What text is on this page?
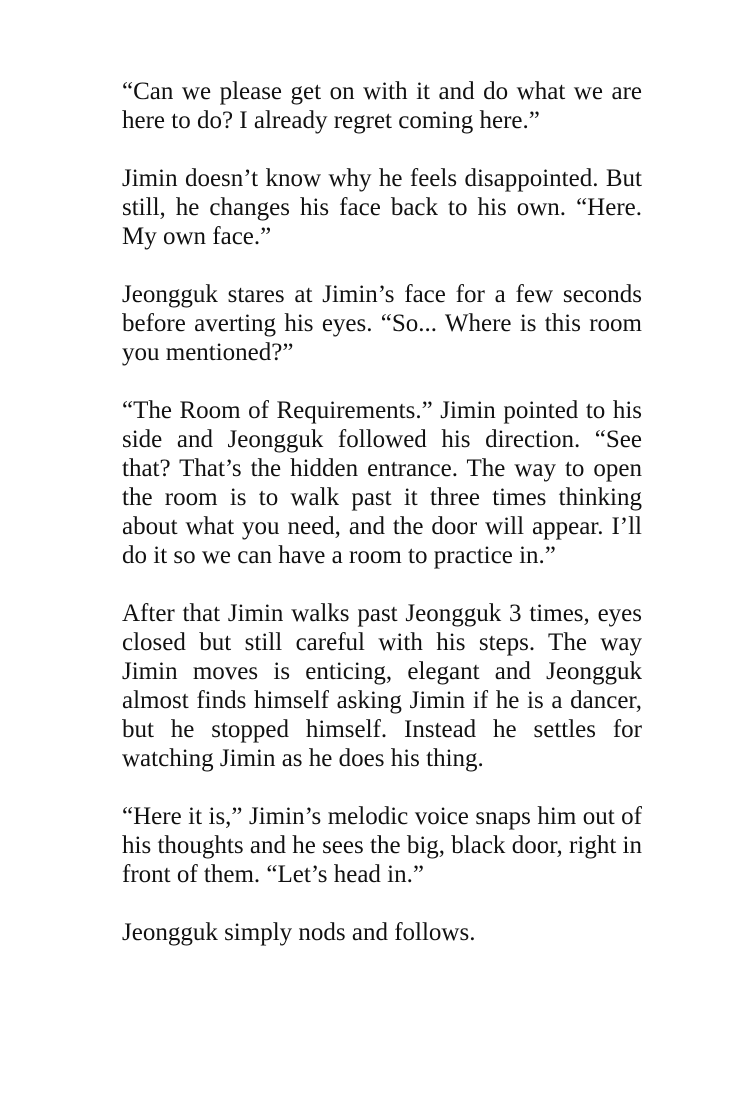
“Can we please get on with it and do what we are here to do? I already regret coming here.”

Jimin doesn’t know why he feels disappointed. But still, he changes his face back to his own. “Here. My own face.”

Jeongguk stares at Jimin’s face for a few seconds before averting his eyes. “So... Where is this room you mentioned?”

“The Room of Requirements.” Jimin pointed to his side and Jeongguk followed his direction. “See that? That’s the hidden entrance. The way to open the room is to walk past it three times thinking about what you need, and the door will appear. I’ll do it so we can have a room to practice in.”

After that Jimin walks past Jeongguk 3 times, eyes closed but still careful with his steps. The way Jimin moves is enticing, elegant and Jeongguk almost finds himself asking Jimin if he is a dancer, but he stopped himself. Instead he settles for watching Jimin as he does his thing.

“Here it is,” Jimin’s melodic voice snaps him out of his thoughts and he sees the big, black door, right in front of them. “Let’s head in.”

Jeongguk simply nods and follows.
